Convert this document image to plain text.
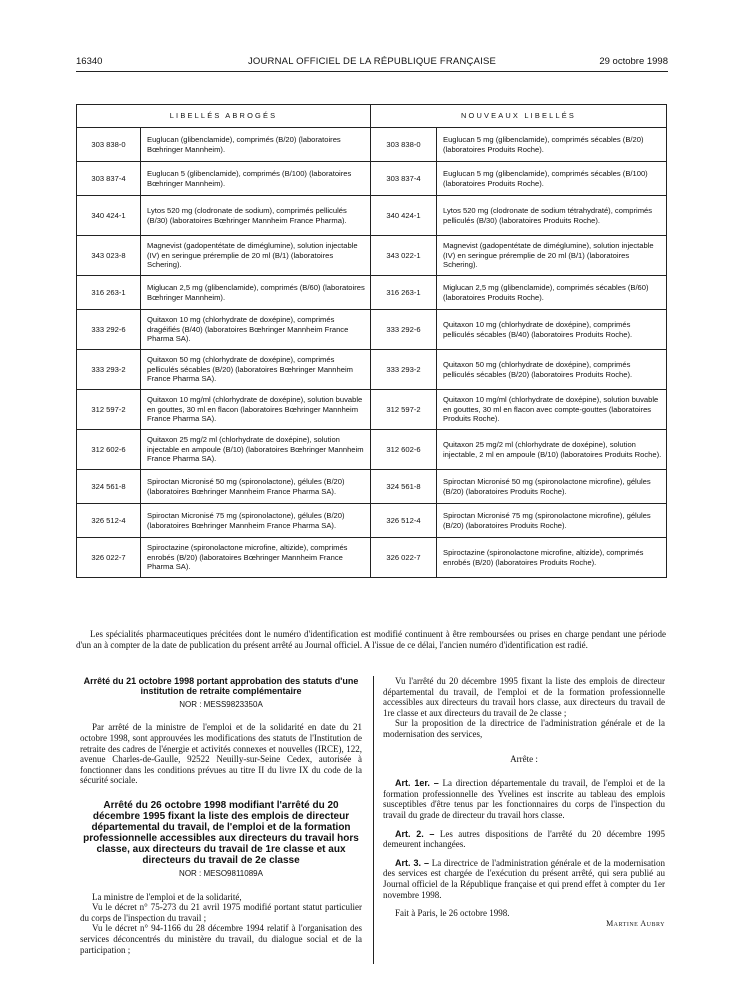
16340	JOURNAL OFFICIEL DE LA RÉPUBLIQUE FRANÇAISE	29 octobre 1998
LIBELLÉS ABROGÉS		NOUVEAUX LIBELLÉS	
303 838-0	Euglucan (glibenclamide), comprimés (B/20) (laboratoires Bœhringer Mannheim).	303 838-0	Euglucan 5 mg (glibenclamide), comprimés sécables (B/20) (laboratoires Produits Roche).
303 837-4	Euglucan 5 (glibenclamide), comprimés (B/100) (laboratoires Bœhringer Mannheim).	303 837-4	Euglucan 5 mg (glibenclamide), comprimés sécables (B/100) (laboratoires Produits Roche).
340 424-1	Lytos 520 mg (clodronate de sodium), comprimés pelliculés (B/30) (laboratoires Bœhringer Mannheim France Pharma).	340 424-1	Lytos 520 mg (clodronate de sodium tétrahydraté), comprimés pelliculés (B/30) (laboratoires Produits Roche).
343 023-8	Magnevist (gadopentétate de diméglumine), solution injectable (IV) en seringue préremplie de 20 ml (B/1) (laboratoires Schering).	343 022-1	Magnevist (gadopentétate de diméglumine), solution injectable (IV) en seringue préremplie de 20 ml (B/1) (laboratoires Schering).
316 263-1	Miglucan 2,5 mg (glibenclamide), comprimés (B/60) (laboratoires Bœhringer Mannheim).	316 263-1	Miglucan 2,5 mg (glibenclamide), comprimés sécables (B/60) (laboratoires Produits Roche).
333 292-6	Quitaxon 10 mg (chlorhydrate de doxépine), comprimés dragéifiés (B/40) (laboratoires Bœhringer Mannheim France Pharma SA).	333 292-6	Quitaxon 10 mg (chlorhydrate de doxépine), comprimés pelliculés sécables (B/40) (laboratoires Produits Roche).
333 293-2	Quitaxon 50 mg (chlorhydrate de doxépine), comprimés pelliculés sécables (B/20) (laboratoires Bœhringer Mannheim France Pharma SA).	333 293-2	Quitaxon 50 mg (chlorhydrate de doxépine), comprimés pelliculés sécables (B/20) (laboratoires Produits Roche).
312 597-2	Quitaxon 10 mg/ml (chlorhydrate de doxépine), solution buvable en gouttes, 30 ml en flacon (laboratoires Bœhringer Mannheim France Pharma SA).	312 597-2	Quitaxon 10 mg/ml (chlorhydrate de doxépine), solution buvable en gouttes, 30 ml en flacon avec compte-gouttes (laboratoires Produits Roche).
312 602-6	Quitaxon 25 mg/2 ml (chlorhydrate de doxépine), solution injectable en ampoule (B/10) (laboratoires Bœhringer Mannheim France Pharma SA).	312 602-6	Quitaxon 25 mg/2 ml (chlorhydrate de doxépine), solution injectable, 2 ml en ampoule (B/10) (laboratoires Produits Roche).
324 561-8	Spiroctan Micronisé 50 mg (spironolactone), gélules (B/20) (laboratoires Bœhringer Mannheim France Pharma SA).	324 561-8	Spiroctan Micronisé 50 mg (spironolactone microfine), gélules (B/20) (laboratoires Produits Roche).
326 512-4	Spiroctan Micronisé 75 mg (spironolactone), gélules (B/20) (laboratoires Bœhringer Mannheim France Pharma SA).	326 512-4	Spiroctan Micronisé 75 mg (spironolactone microfine), gélules (B/20) (laboratoires Produits Roche).
326 022-7	Spiroctazine (spironolactone microfine, altizide), comprimés enrobés (B/20) (laboratoires Bœhringer Mannheim France Pharma SA).	326 022-7	Spiroctazine (spironolactone microfine, altizide), comprimés enrobés (B/20) (laboratoires Produits Roche).
Les spécialités pharmaceutiques précitées dont le numéro d'identification est modifié continuent à être remboursées ou prises en charge pendant une période d'un an à compter de la date de publication du présent arrêté au Journal officiel. A l'issue de ce délai, l'ancien numéro d'identification est radié.
Arrêté du 21 octobre 1998 portant approbation des statuts d'une institution de retraite complémentaire
NOR : MESS9823350A

Par arrêté de la ministre de l'emploi et de la solidarité en date du 21 octobre 1998, sont approuvées les modifications des statuts de l'Institution de retraite des cadres de l'énergie et activités connexes et nouvelles (IRCE), 122, avenue Charles-de-Gaulle, 92522 Neuilly-sur-Seine Cedex, autorisée à fonctionner dans les conditions prévues au titre II du livre IX du code de la sécurité sociale.

Arrêté du 26 octobre 1998 modifiant l'arrêté du 20 décembre 1995 fixant la liste des emplois de directeur départemental du travail, de l'emploi et de la formation professionnelle accessibles aux directeurs du travail hors classe, aux directeurs du travail de 1re classe et aux directeurs du travail de 2e classe
NOR : MESO9811089A

La ministre de l'emploi et de la solidarité,

Vu le décret n° 75-273 du 21 avril 1975 modifié portant statut particulier du corps de l'inspection du travail ;

Vu le décret n° 94-1166 du 28 décembre 1994 relatif à l'organisation des services déconcentrés du ministère du travail, du dialogue social et de la participation ;

Vu l'arrêté du 20 décembre 1995 fixant la liste des emplois de directeur départemental du travail, de l'emploi et de la formation professionnelle accessibles aux directeurs du travail hors classe, aux directeurs du travail de 1re classe et aux directeurs du travail de 2e classe ;

Sur la proposition de la directrice de l'administration générale et de la modernisation des services,

Arrête :

Art. 1er. – La direction départementale du travail, de l'emploi et de la formation professionnelle des Yvelines est inscrite au tableau des emplois susceptibles d'être tenus par les fonctionnaires du corps de l'inspection du travail du grade de directeur du travail hors classe.

Art. 2. – Les autres dispositions de l'arrêté du 20 décembre 1995 demeurent inchangées.

Art. 3. – La directrice de l'administration générale et de la modernisation des services est chargée de l'exécution du présent arrêté, qui sera publié au Journal officiel de la République française et qui prend effet à compter du 1er novembre 1998.

Fait à Paris, le 26 octobre 1998.

Martine Aubry
